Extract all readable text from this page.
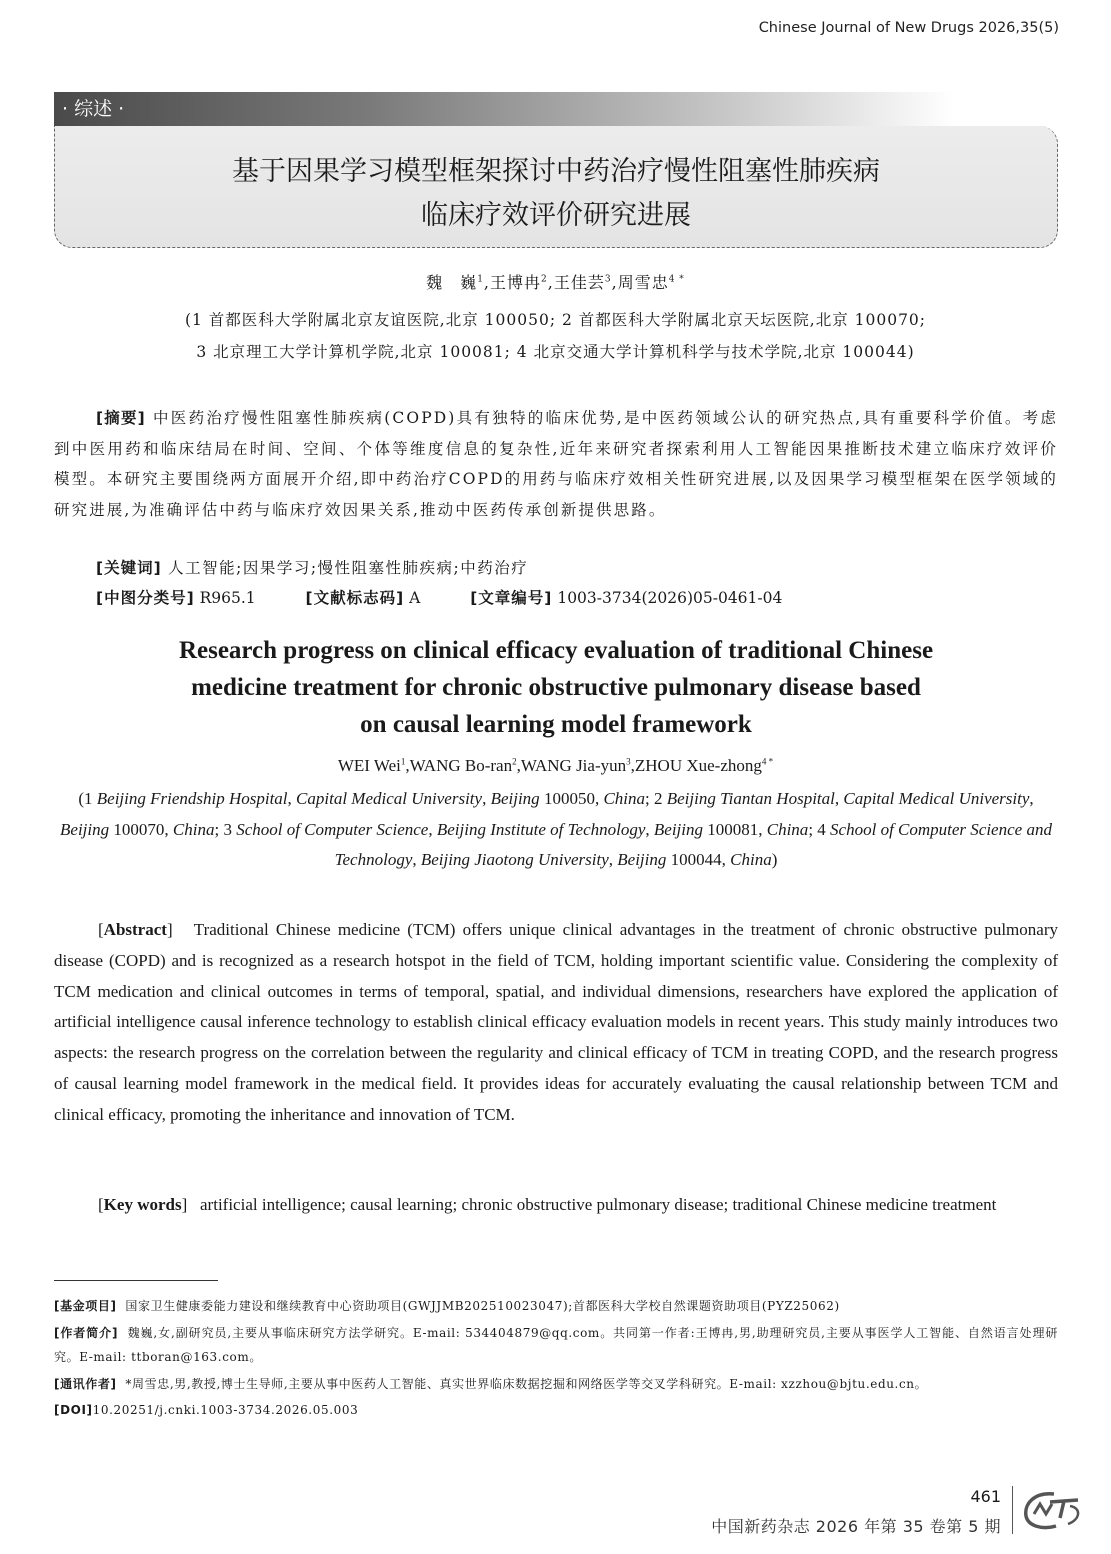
Chinese Journal of New Drugs 2026,35(5)
· 综述 ·
基于因果学习模型框架探讨中药治疗慢性阻塞性肺疾病
临床疗效评价研究进展
魏　巍$^1$,王博冉$^2$,王佳芸$^3$,周雪忠$^{4 *}$
(1 首都医科大学附属北京友谊医院,北京 100050; 2 首都医科大学附属北京天坛医院,北京 100070;
3 北京理工大学计算机学院,北京 100081; 4 北京交通大学计算机科学与技术学院,北京 100044)
[摘要] 中医药治疗慢性阻塞性肺疾病(COPD)具有独特的临床优势,是中医药领域公认的研究热点,具有重要科学价值。考虑到中医用药和临床结局在时间、空间、个体等维度信息的复杂性,近年来研究者探索利用人工智能因果推断技术建立临床疗效评价模型。本研究主要围绕两方面展开介绍,即中药治疗COPD的用药与临床疗效相关性研究进展,以及因果学习模型框架在医学领域的研究进展,为准确评估中药与临床疗效因果关系,推动中医药传承创新提供思路。
[关键词] 人工智能;因果学习;慢性阻塞性肺疾病;中药治疗
[中图分类号] R965.1	[文献标志码] A	[文章编号] 1003-3734(2026)05-0461-04
Research progress on clinical efficacy evaluation of traditional Chinese
medicine treatment for chronic obstructive pulmonary disease based
on causal learning model framework
WEI Wei$^1$,WANG Bo-ran$^2$,WANG Jia-yun$^3$,ZHOU Xue-zhong$^{4 *}$
(1 Beijing Friendship Hospital, Capital Medical University, Beijing 100050, China; 2 Beijing Tiantan Hospital, Capital Medical University, Beijing 100070, China; 3 School of Computer Science, Beijing Institute of Technology, Beijing 100081, China; 4 School of Computer Science and Technology, Beijing Jiaotong University, Beijing 100044, China)
[Abstract]   Traditional Chinese medicine (TCM) offers unique clinical advantages in the treatment of chronic obstructive pulmonary disease (COPD) and is recognized as a research hotspot in the field of TCM, holding important scientific value. Considering the complexity of TCM medication and clinical outcomes in terms of temporal, spatial, and individual dimensions, researchers have explored the application of artificial intelligence causal inference technology to establish clinical efficacy evaluation models in recent years. This study mainly introduces two aspects: the research progress on the correlation between the regularity and clinical efficacy of TCM in treating COPD, and the research progress of causal learning model framework in the medical field. It provides ideas for accurately evaluating the causal relationship between TCM and clinical efficacy, promoting the inheritance and innovation of TCM.
[Key words]   artificial intelligence; causal learning; chronic obstructive pulmonary disease; traditional Chinese medicine treatment

[基金项目] 国家卫生健康委能力建设和继续教育中心资助项目(GWJJMB202510023047);首都医科大学校自然课题资助项目(PYZ25062)

[作者简介] 魏巍,女,副研究员,主要从事临床研究方法学研究。E-mail: 534404879@qq.com。共同第一作者:王博冉,男,助理研究员,主要从事医学人工智能、自然语言处理研究。E-mail: ttboran@163.com。

[通讯作者] *周雪忠,男,教授,博士生导师,主要从事中医药人工智能、真实世界临床数据挖掘和网络医学等交叉学科研究。E-mail: xzzhou@bjtu.edu.cn。

[DOI]10.20251/j.cnki.1003-3734.2026.05.003

461
中国新药杂志 2026 年第 35 卷第 5 期
